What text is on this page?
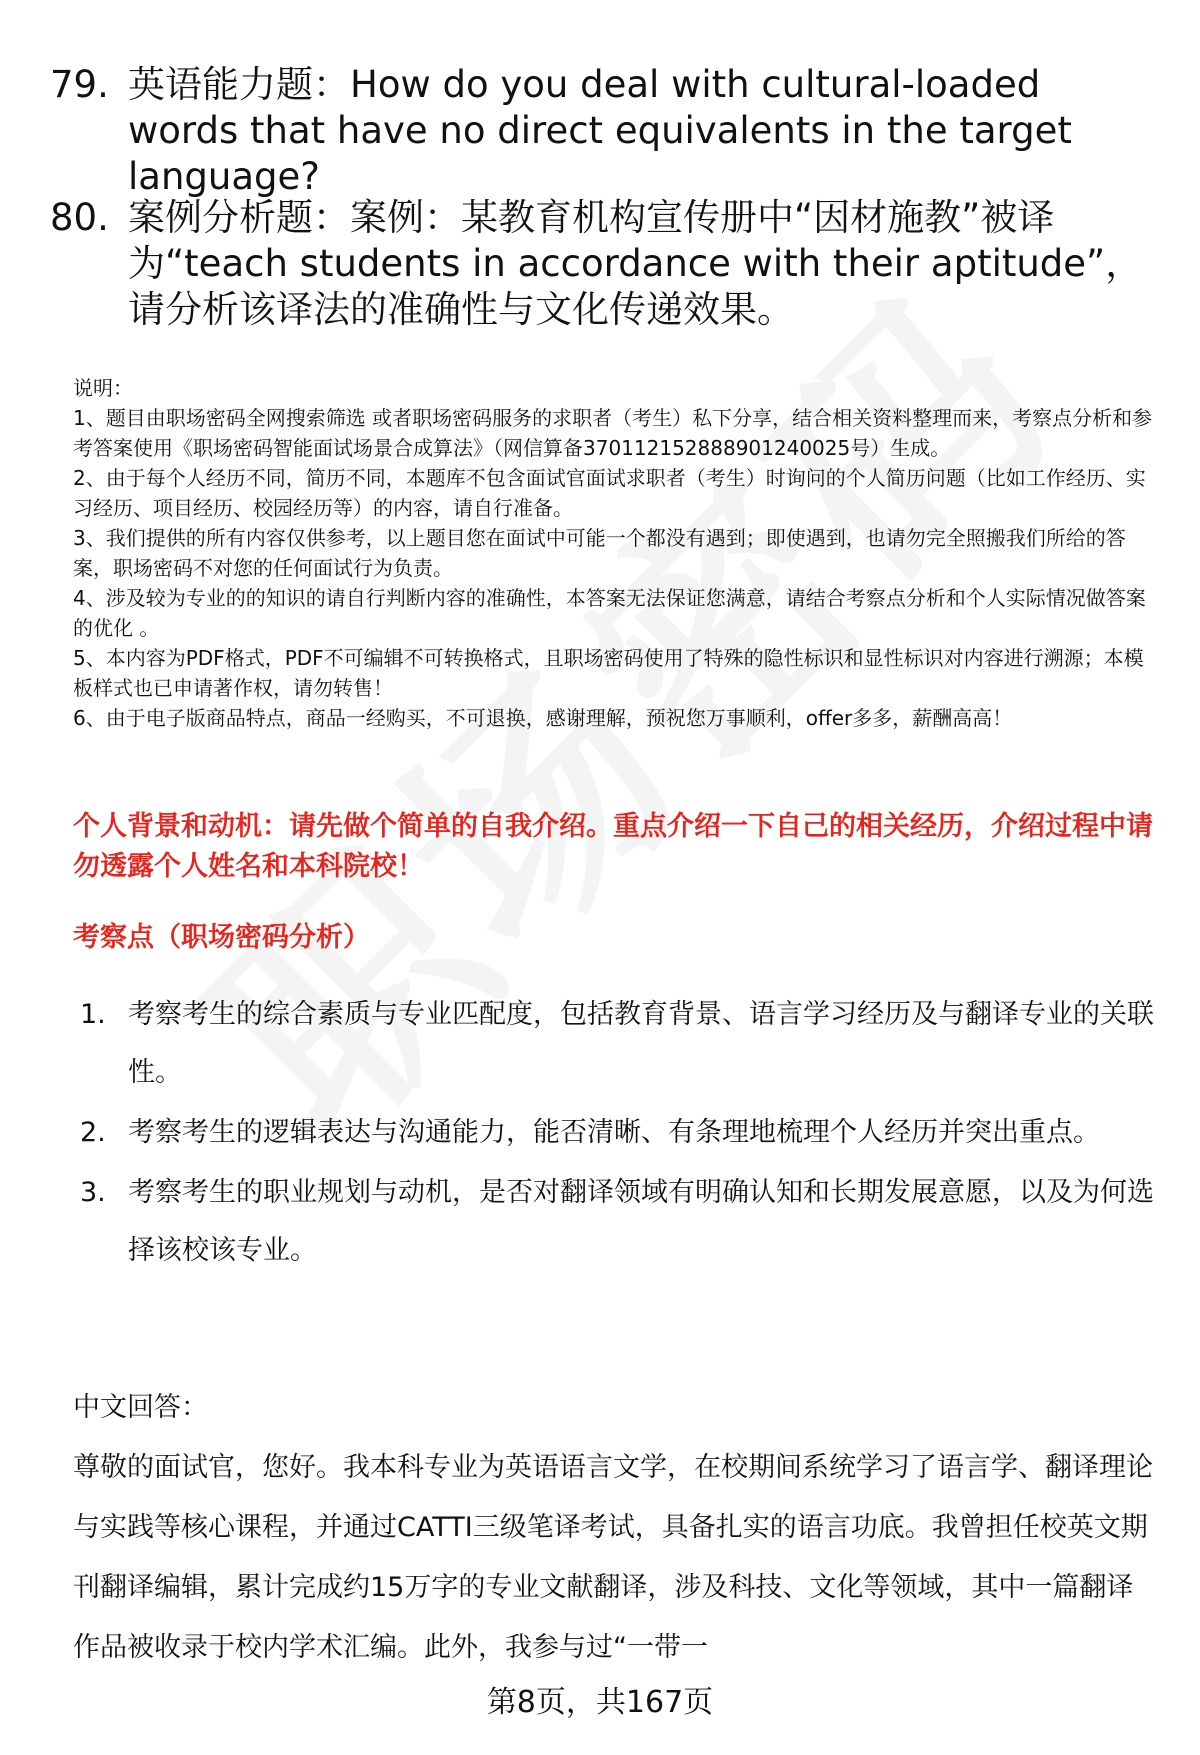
79. 英语能力题：How do you deal with cultural-loaded words that have no direct equivalents in the target language?
80. 案例分析题：案例：某教育机构宣传册中“因材施教”被译为“teach students in accordance with their aptitude”，请分析该译法的准确性与文化传递效果。
说明：
1、题目由职场密码全网搜索筛选 或者职场密码服务的求职者（考生）私下分享，结合相关资料整理而来，考察点分析和参考答案使用《职场密码智能面试场景合成算法》（网信算备370112152888901240025号）生成。
2、由于每个人经历不同，简历不同，本题库不包含面试官面试求职者（考生）时询问的个人简历问题（比如工作经历、实习经历、项目经历、校园经历等）的内容，请自行准备。
3、我们提供的所有内容仅供参考，以上题目您在面试中可能一个都没有遇到；即使遇到，也请勿完全照搬我们所给的答案，职场密码不对您的任何面试行为负责。
4、涉及较为专业的的知识的请自行判断内容的准确性，本答案无法保证您满意，请结合考察点分析和个人实际情况做答案的优化 。
5、本内容为PDF格式，PDF不可编辑不可转换格式，且职场密码使用了特殊的隐性标识和显性标识对内容进行溯源；本模板样式也已申请著作权，请勿转售！
6、由于电子版商品特点，商品一经购买，不可退换，感谢理解，预祝您万事顺利，offer多多，薪酬高高！
个人背景和动机：请先做个简单的自我介绍。重点介绍一下自己的相关经历，介绍过程中请勿透露个人姓名和本科院校！
考察点（职场密码分析）
1. 考察考生的综合素质与专业匹配度，包括教育背景、语言学习经历及与翻译专业的关联性。
2. 考察考生的逻辑表达与沟通能力，能否清晰、有条理地梳理个人经历并突出重点。
3. 考察考生的职业规划与动机，是否对翻译领域有明确认知和长期发展意愿，以及为何选择该校该专业。
中文回答：
尊敬的面试官，您好。我本科专业为英语语言文学，在校期间系统学习了语言学、翻译理论与实践等核心课程，并通过CATTI三级笔译考试，具备扎实的语言功底。我曾担任校英文期刊翻译编辑，累计完成约15万字的专业文献翻译，涉及科技、文化等领域，其中一篇翻译作品被收录于校内学术汇编。此外，我参与过“一带一
第8页，共167页
